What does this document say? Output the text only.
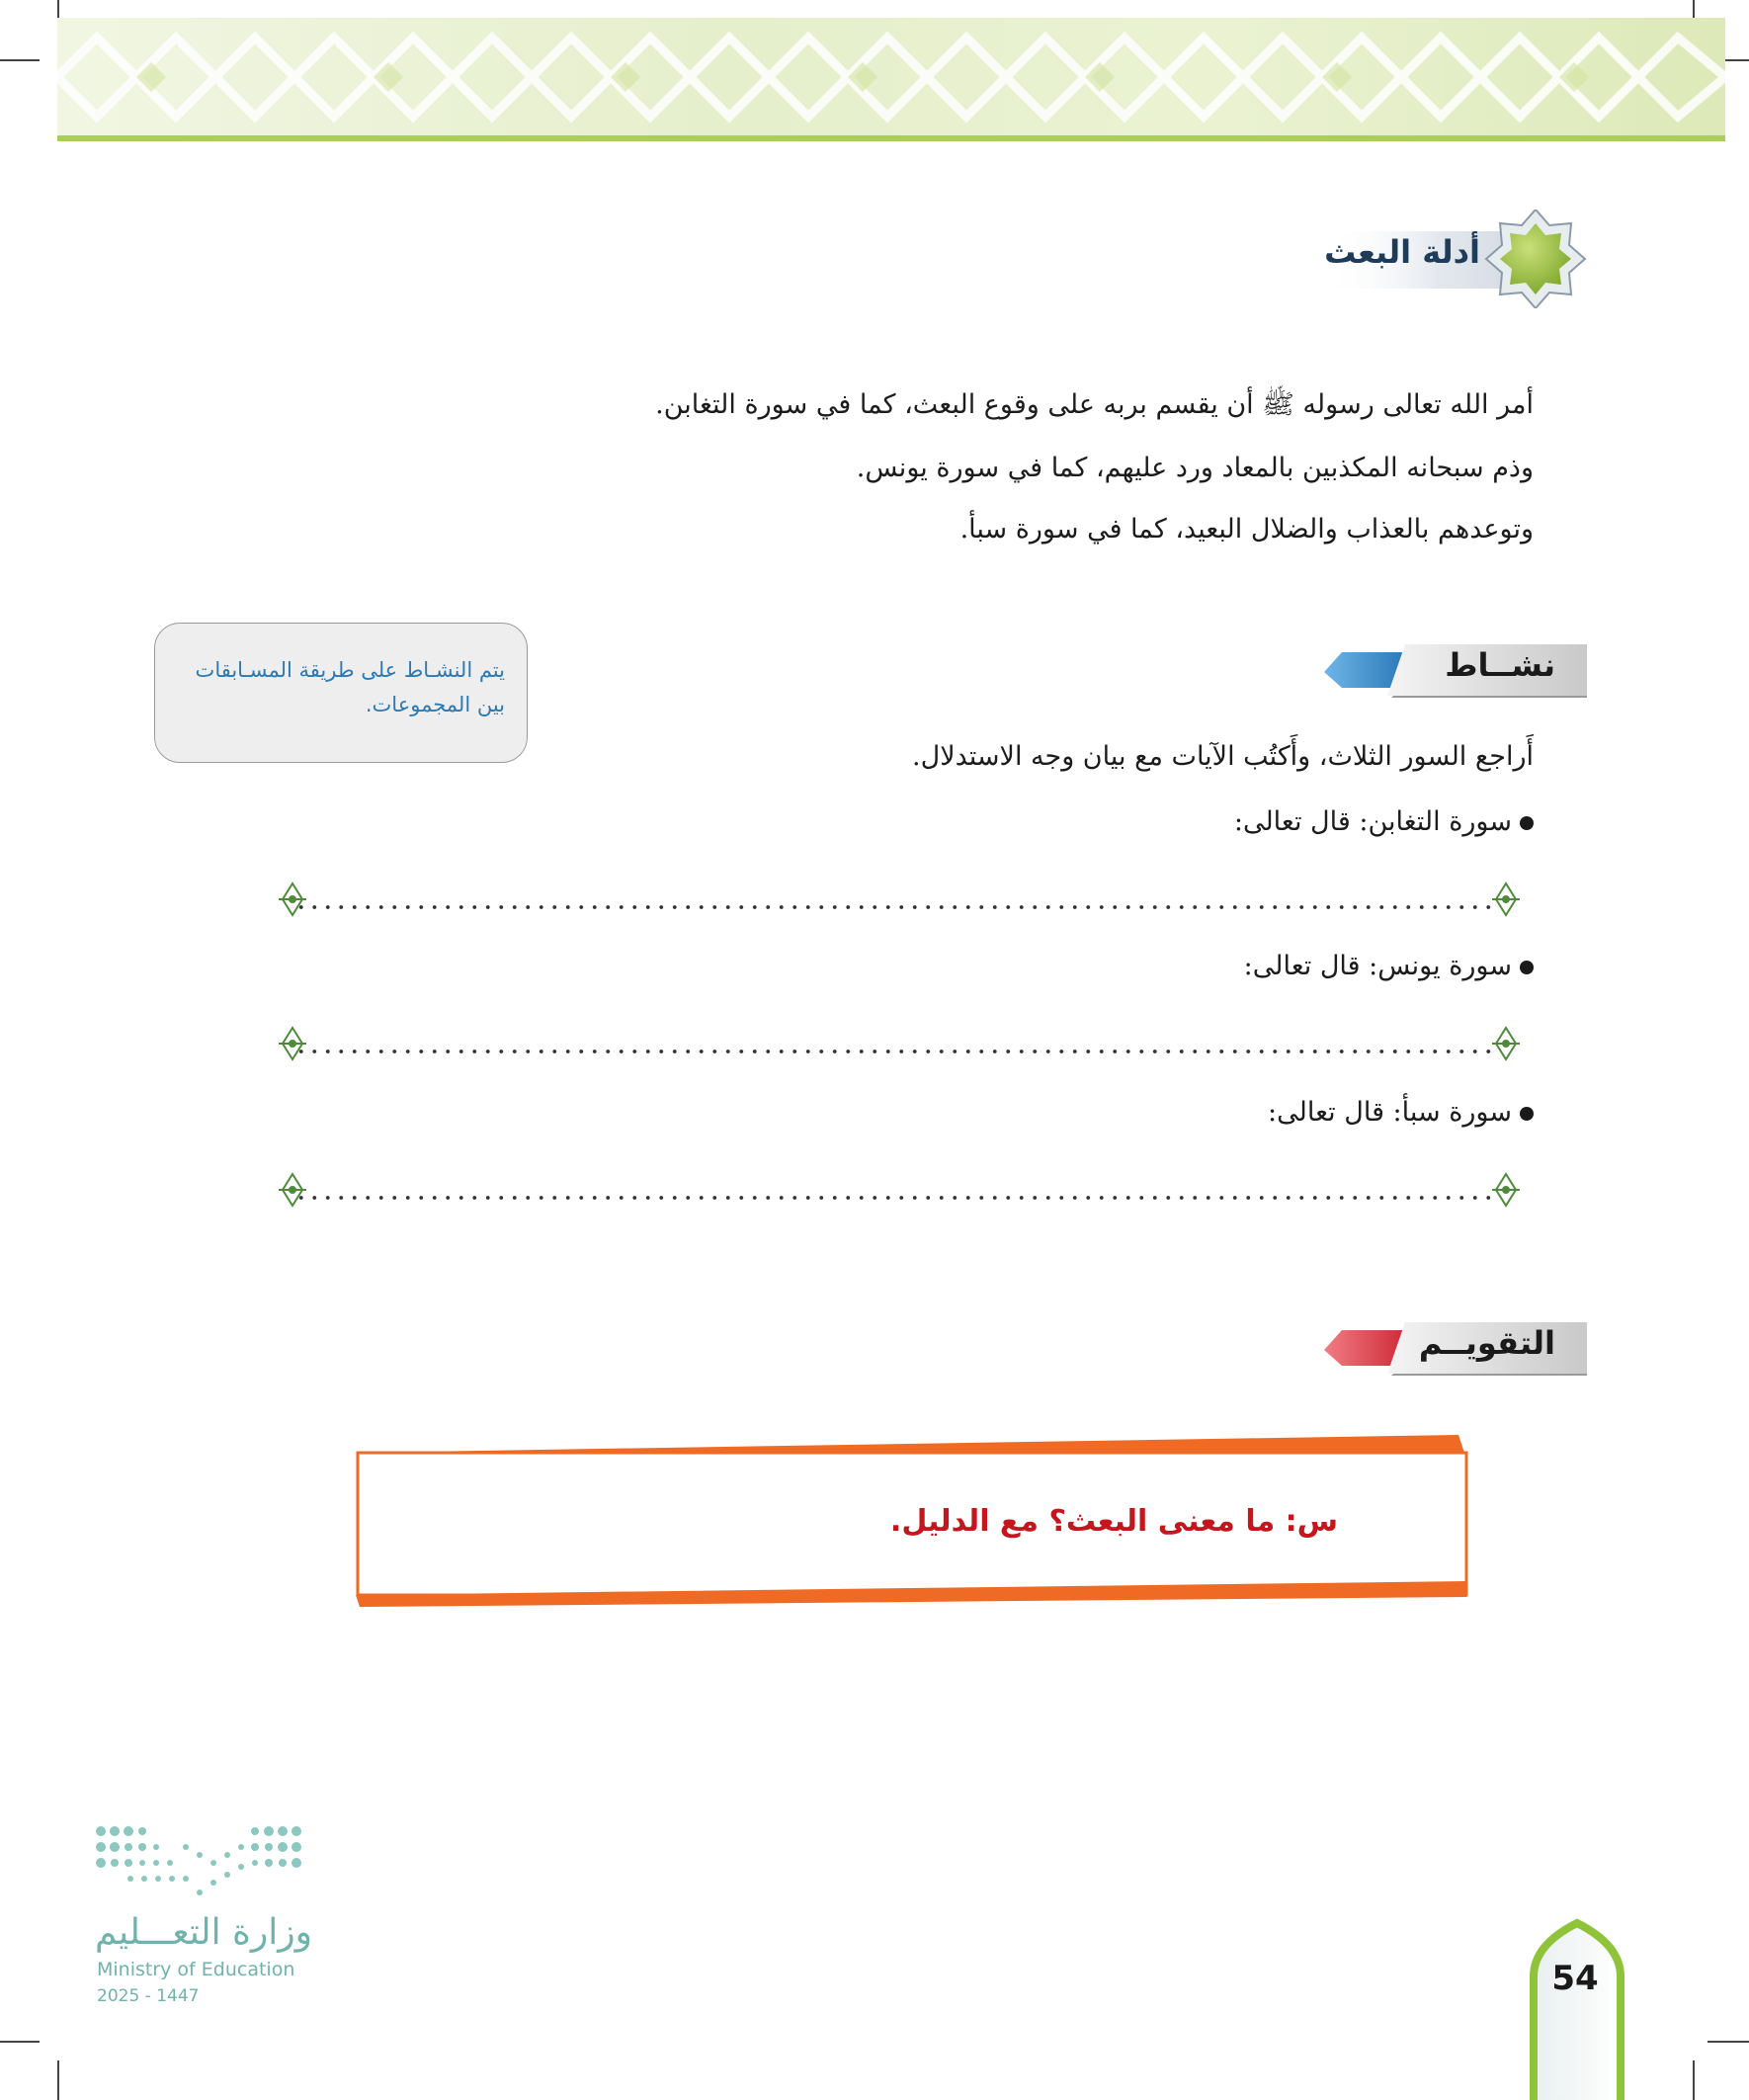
أدلة البعث
أمر الله تعالى رسوله ﷺ أن يقسم بربه على وقوع البعث، كما في سورة التغابن.
وذم سبحانه المكذبين بالمعاد ورد عليهم، كما في سورة يونس.
وتوعدهم بالعذاب والضلال البعيد، كما في سورة سبأ.
نشــاط
يتم النشـاط على طريقة المسـابقات بين المجموعات.
أَراجع السور الثلاث، وأَكتُب الآيات مع بيان وجه الاستدلال.
سورة التغابن: قال تعالى:
سورة يونس: قال تعالى:
سورة سبأ: قال تعالى:
التقويــم
س: ما معنى البعث؟ مع الدليل.
وزارة التعـــليم
Ministry of Education
2025 - 1447	54
